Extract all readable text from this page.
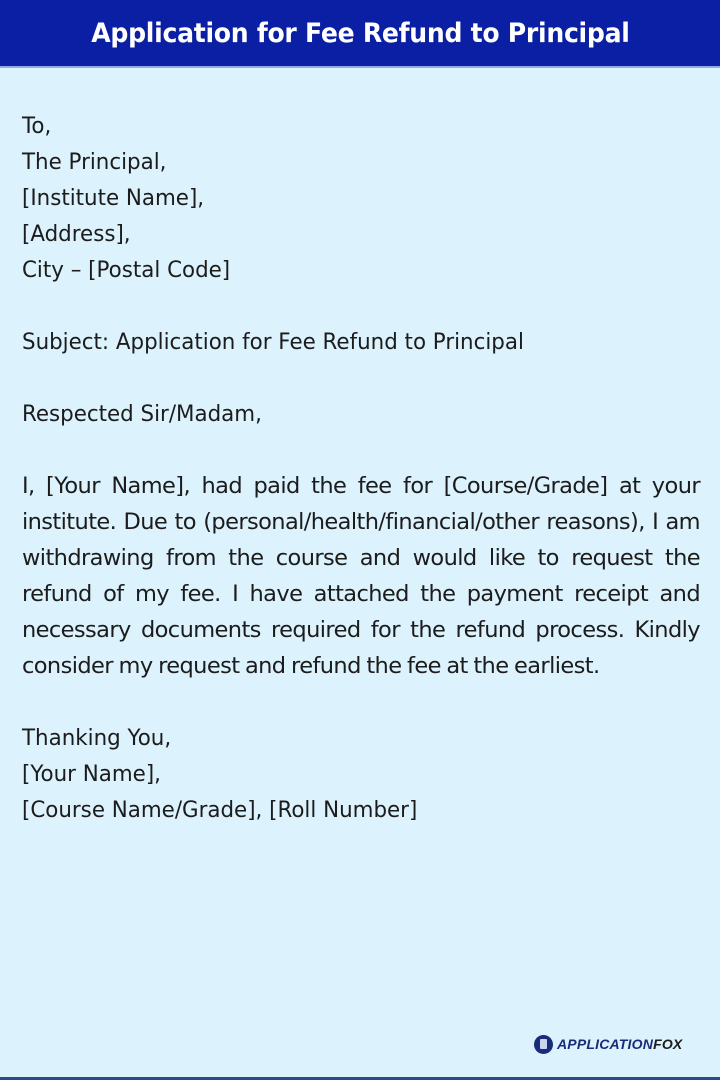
Application for Fee Refund to Principal
To,
The Principal,
[Institute Name],
[Address],
City – [Postal Code]
Subject: Application for Fee Refund to Principal
Respected Sir/Madam,
I, [Your Name], had paid the fee for [Course/Grade] at your institute. Due to (personal/health/financial/other reasons), I am withdrawing from the course and would like to request the refund of my fee. I have attached the payment receipt and necessary documents required for the refund process. Kindly consider my request and refund the fee at the earliest.
Thanking You,
[Your Name],
[Course Name/Grade], [Roll Number]
APPLICATIONFOX
